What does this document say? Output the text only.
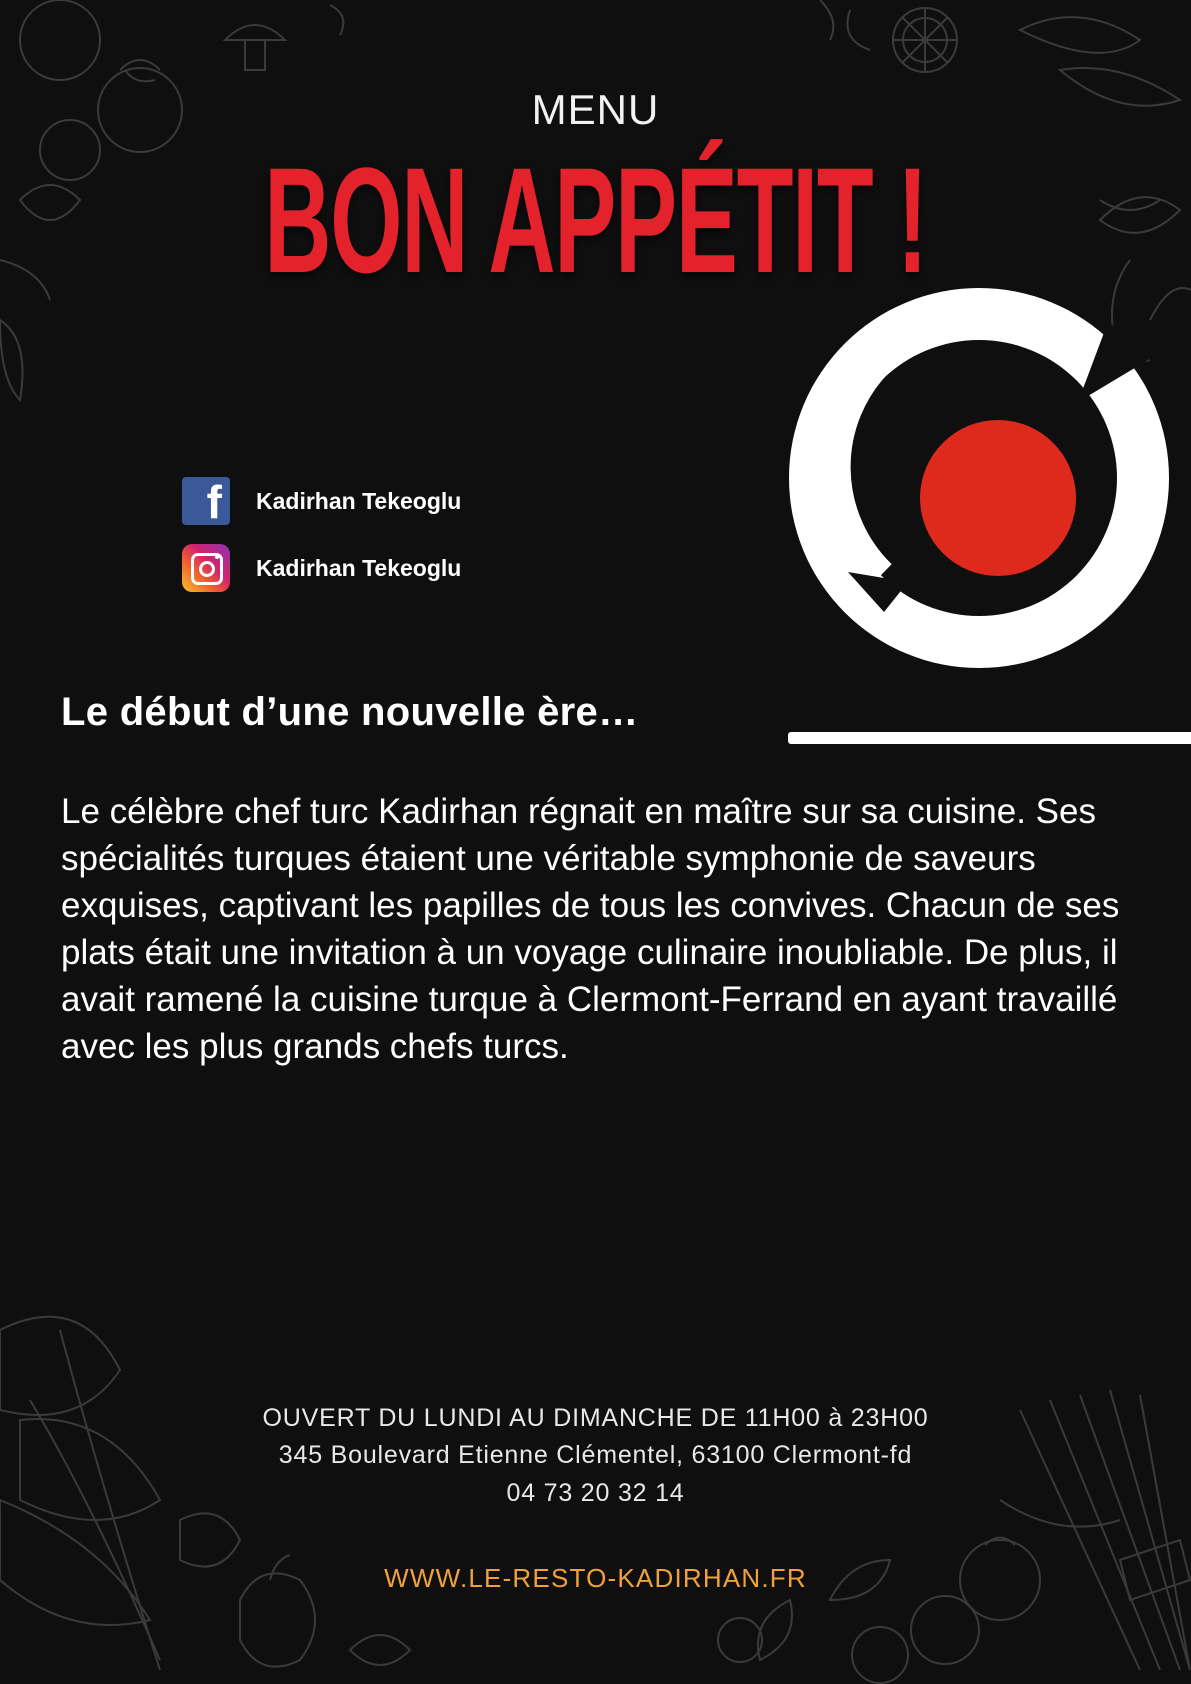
MENU
BON APPÉTIT !
f Kadirhan Tekeoglu
Kadirhan Tekeoglu
Le début d’une nouvelle ère…
Le célèbre chef turc Kadirhan régnait en maître sur sa cuisine. Ses spécialités turques étaient une véritable symphonie de saveurs exquises, captivant les papilles de tous les convives. Chacun de ses plats était une invitation à un voyage culinaire inoubliable. De plus, il avait ramené la cuisine turque à Clermont-Ferrand en ayant travaillé avec les plus grands chefs turcs.
OUVERT DU LUNDI AU DIMANCHE DE 11H00 à 23H00
345 Boulevard Etienne Clémentel, 63100 Clermont-fd
04 73 20 32 14
WWW.LE-RESTO-KADIRHAN.FR
